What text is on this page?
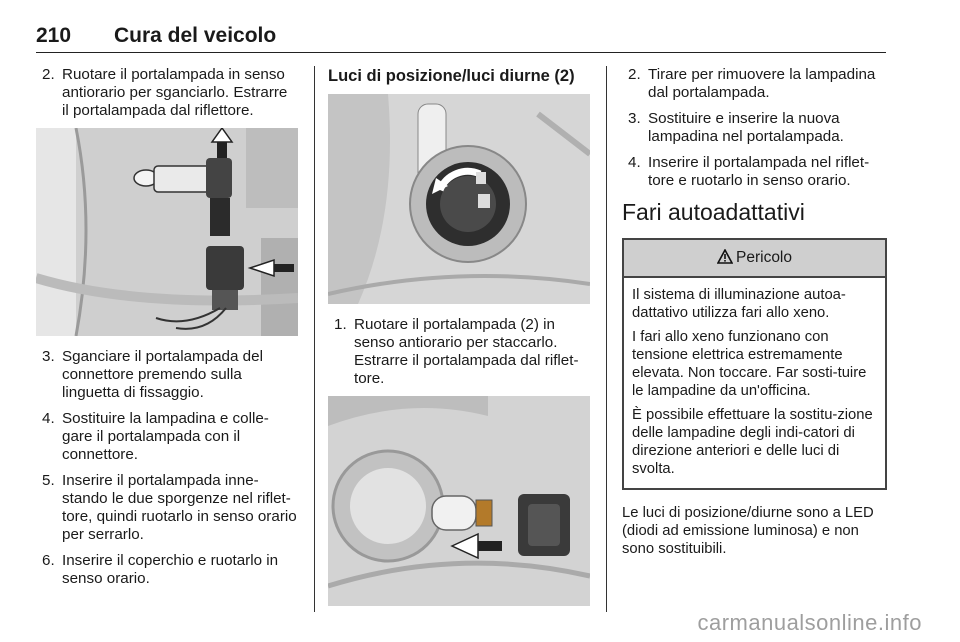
210 Cura del veicolo
2. Ruotare il portalampada in senso antiorario per sganciarlo. Estrarre il portalampada dal riflettore.
3. Sganciare il portalampada del connettore premendo sulla linguetta di fissaggio.
4. Sostituire la lampadina e colle-gare il portalampada con il connettore.
5. Inserire il portalampada inne-stando le due sporgenze nel riflet-tore, quindi ruotarlo in senso orario per serrarlo.
6. Inserire il coperchio e ruotarlo in senso orario.
Luci di posizione/luci diurne (2)
1. Ruotare il portalampada (2) in senso antiorario per staccarlo. Estrarre il portalampada dal riflet-tore.
2. Tirare per rimuovere la lampadina dal portalampada.
3. Sostituire e inserire la nuova lampadina nel portalampada.
4. Inserire il portalampada nel riflet-tore e ruotarlo in senso orario.
Fari autoadattativi
Pericolo

Il sistema di illuminazione autoa-dattativo utilizza fari allo xeno.

I fari allo xeno funzionano con tensione elettrica estremamente elevata. Non toccare. Far sosti-tuire le lampadine da un'officina.

È possibile effettuare la sostitu-zione delle lampadine degli indi-catori di direzione anteriori e delle luci di svolta.

Le luci di posizione/diurne sono a LED (diodi ad emissione luminosa) e non sono sostituibili.

carmanualsonline.info
